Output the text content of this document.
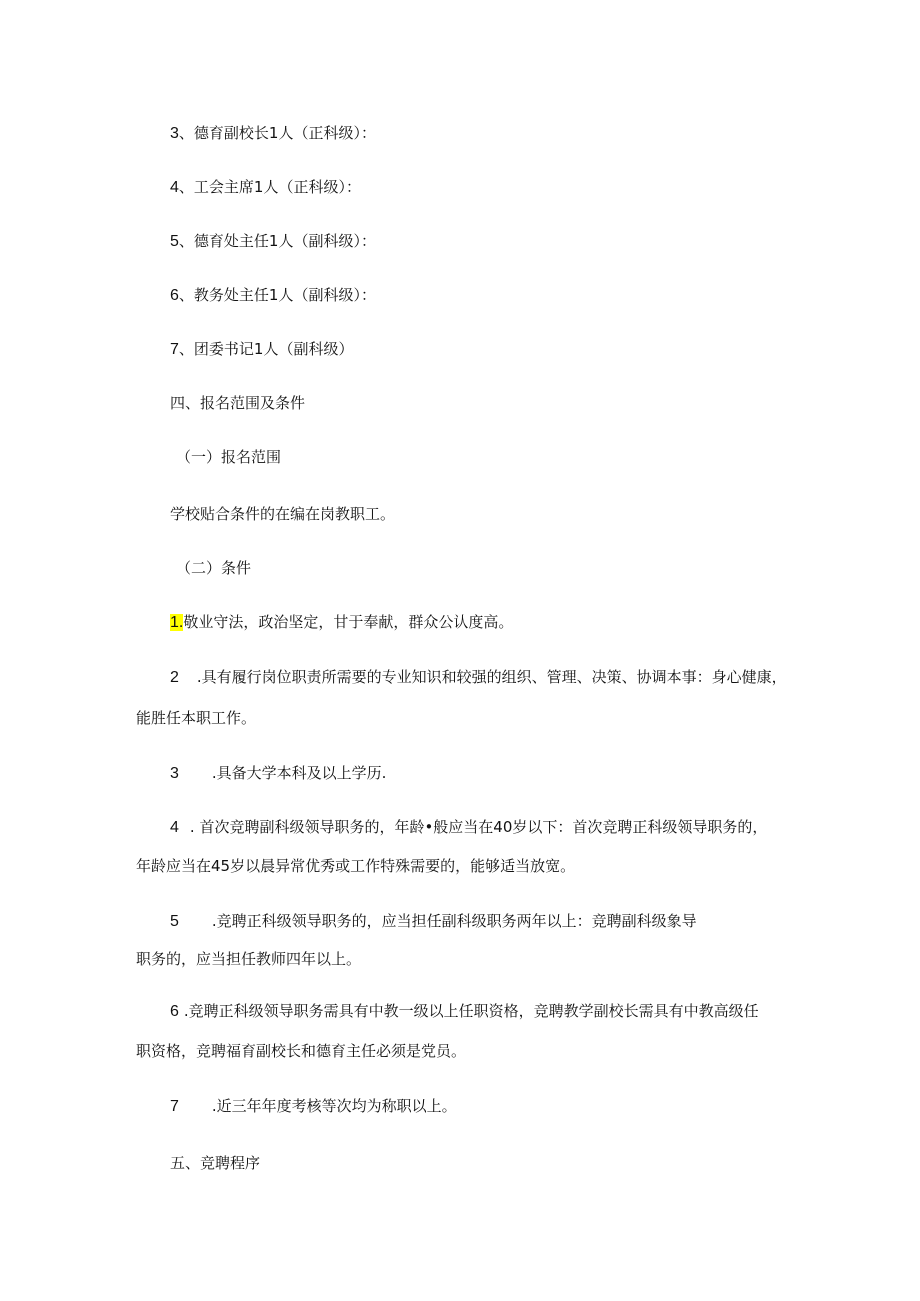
3、德育副校长1人（正科级）：
4、工会主席1人（正科级）：
5、德育处主任1人（副科级）：
6、教务处主任1人（副科级）：
7、团委书记1人（副科级）
四、报名范围及条件
（一）报名范围
学校贴合条件的在编在岗教职工。
（二）条件
1.敬业守法，政治坚定，甘于奉献，群众公认度高。
2 .具有履行岗位职责所需要的专业知识和较强的组织、管理、决策、协调本事：身心健康，
能胜任本职工作。
3 .具备大学本科及以上学历.
4 . 首次竞聘副科级领导职务的，年龄•般应当在40岁以下：首次竞聘正科级领导职务的，
年龄应当在45岁以晨异常优秀或工作特殊需要的，能够适当放宽。
5 .竞聘正科级领导职务的，应当担任副科级职务两年以上：竞聘副科级象导
职务的，应当担任教师四年以上。
6 .竞聘正科级领导职务需具有中教一级以上任职资格，竞聘教学副校长需具有中教高级任
职资格，竞聘福育副校长和德育主任必须是党员。
7 .近三年年度考核等次均为称职以上。
五、竞聘程序
